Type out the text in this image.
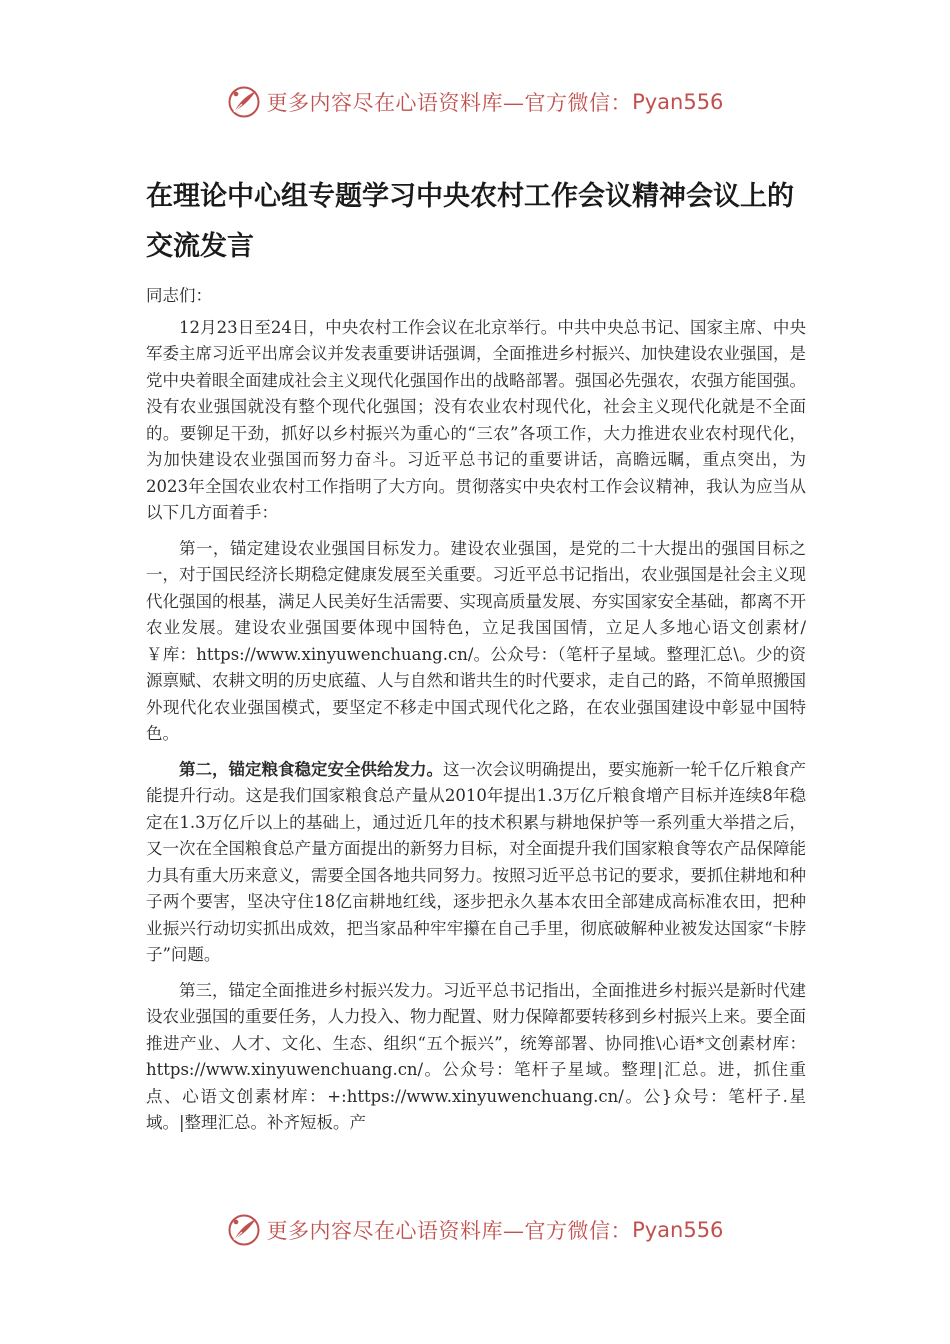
更多内容尽在心语资料库—官方微信： Pyan556
在理论中心组专题学习中央农村工作会议精神会议上的交流发言

同志们：

12月23日至24日，中央农村工作会议在北京举行。中共中央总书记、国家主席、中央军委主席习近平出席会议并发表重要讲话强调，全面推进乡村振兴、加快建设农业强国，是党中央着眼全面建成社会主义现代化强国作出的战略部署。强国必先强农，农强方能国强。没有农业强国就没有整个现代化强国；没有农业农村现代化，社会主义现代化就是不全面的。要铆足干劲，抓好以乡村振兴为重心的“三农”各项工作，大力推进农业农村现代化，为加快建设农业强国而努力奋斗。习近平总书记的重要讲话，高瞻远瞩，重点突出，为2023年全国农业农村工作指明了大方向。贯彻落实中央农村工作会议精神，我认为应当从以下几方面着手：

第一，锚定建设农业强国目标发力。建设农业强国，是党的二十大提出的强国目标之一，对于国民经济长期稳定健康发展至关重要。习近平总书记指出，农业强国是社会主义现代化强国的根基，满足人民美好生活需要、实现高质量发展、夯实国家安全基础，都离不开农业发展。建设农业强国要体现中国特色，立足我国国情，立足人多地心语文创素材/￥库：https://www.xinyuwenchuang.cn/。公众号：（笔杆子星域。整理汇总\。少的资源禀赋、农耕文明的历史底蕴、人与自然和谐共生的时代要求，走自己的路，不简单照搬国外现代化农业强国模式，要坚定不移走中国式现代化之路，在农业强国建设中彰显中国特色。

第二，锚定粮食稳定安全供给发力。这一次会议明确提出，要实施新一轮千亿斤粮食产能提升行动。这是我们国家粮食总产量从2010年提出1.3万亿斤粮食增产目标并连续8年稳定在1.3万亿斤以上的基础上，通过近几年的技术积累与耕地保护等一系列重大举措之后，又一次在全国粮食总产量方面提出的新努力目标，对全面提升我们国家粮食等农产品保障能力具有重大历来意义，需要全国各地共同努力。按照习近平总书记的要求，要抓住耕地和种子两个要害，坚决守住18亿亩耕地红线，逐步把永久基本农田全部建成高标准农田，把种业振兴行动切实抓出成效，把当家品种牢牢攥在自己手里，彻底破解种业被发达国家“卡脖子”问题。

第三，锚定全面推进乡村振兴发力。习近平总书记指出，全面推进乡村振兴是新时代建设农业强国的重要任务，人力投入、物力配置、财力保障都要转移到乡村振兴上来。要全面推进产业、人才、文化、生态、组织“五个振兴”，统筹部署、协同推\心语*文创素材库：https://www.xinyuwenchuang.cn/。公众号：笔杆子星域。整理|汇总。进，抓住重点、心语文创素材库：+:https://www.xinyuwenchuang.cn/。公}众号：笔杆子.星域。|整理汇总。补齐短板。产

更多内容尽在心语资料库—官方微信： Pyan556
